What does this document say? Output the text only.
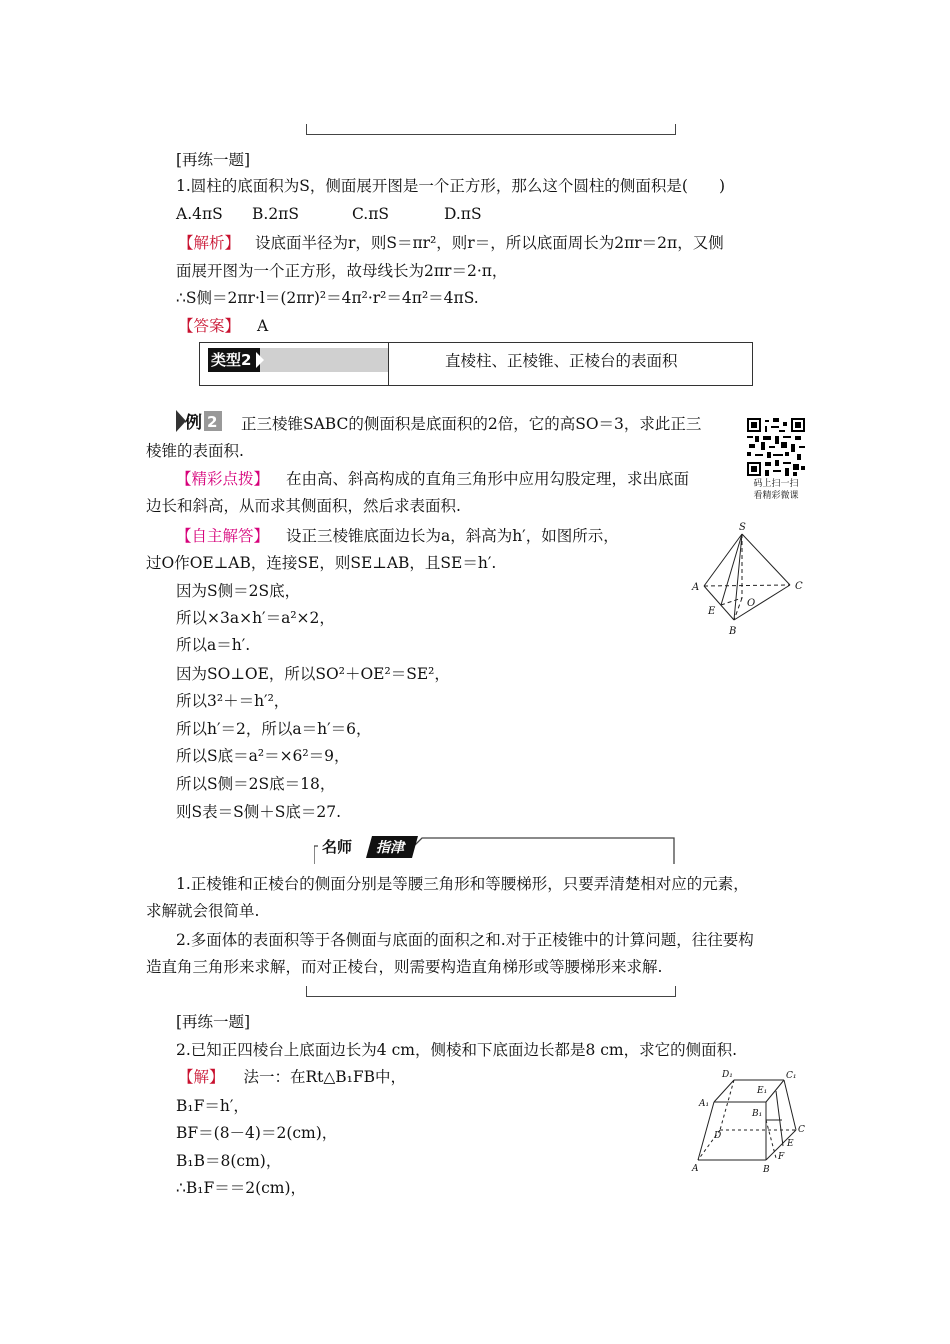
[再练一题]
1.圆柱的底面积为S，侧面展开图是一个正方形，那么这个圆柱的侧面积是(　　)
A.4πS B.2πS	C.πS	D.πS
【解析】 设底面半径为r，则S＝πr²，则r＝，所以底面周长为2πr＝2π，又侧
面展开图为一个正方形，故母线长为2πr＝2·π，
∴S侧＝2πr·l＝(2πr)²＝4π²·r²＝4π²＝4πS.
【答案】 A
类型2	直棱柱、正棱锥、正棱台的表面积
例 2 正三棱锥SABC的侧面积是底面积的2倍，它的高SO＝3，求此正三
棱锥的表面积.
码上扫一扫
看精彩微课
【精彩点拨】 在由高、斜高构成的直角三角形中应用勾股定理，求出底面
边长和斜高，从而求其侧面积，然后求表面积.
【自主解答】 设正三棱锥底面边长为a，斜高为h′，如图所示，
过O作OE⊥AB，连接SE，则SE⊥AB，且SE＝h′.
因为S侧＝2S底，
所以×3a×h′＝a²×2，
所以a＝h′.
因为SO⊥OE，所以SO²＋OE²＝SE²，
所以3²＋＝h′²，
所以h′＝2，所以a＝h′＝6，
所以S底＝a²＝×6²＝9，
所以S侧＝2S底＝18，
则S表＝S侧＋S底＝27.
S
A	C
B
E
O
名师 指津
1.正棱锥和正棱台的侧面分别是等腰三角形和等腰梯形，只要弄清楚相对应的元素，
求解就会很简单.
2.多面体的表面积等于各侧面与底面的面积之和.对于正棱锥中的计算问题，往往要构
造直角三角形来求解，而对正棱台，则需要构造直角梯形或等腰梯形来求解.
[再练一题]
2.已知正四棱台上底面边长为4 cm，侧棱和下底面边长都是8 cm，求它的侧面积.
【解】 法一：在Rt△B₁FB中，
B₁F＝h′，
BF＝(8－4)＝2(cm)，
B₁B＝8(cm)，
∴B₁F＝＝2(cm)，
D₁	C₁
E₁
A₁
B₁
D
C
E
F
A	B
